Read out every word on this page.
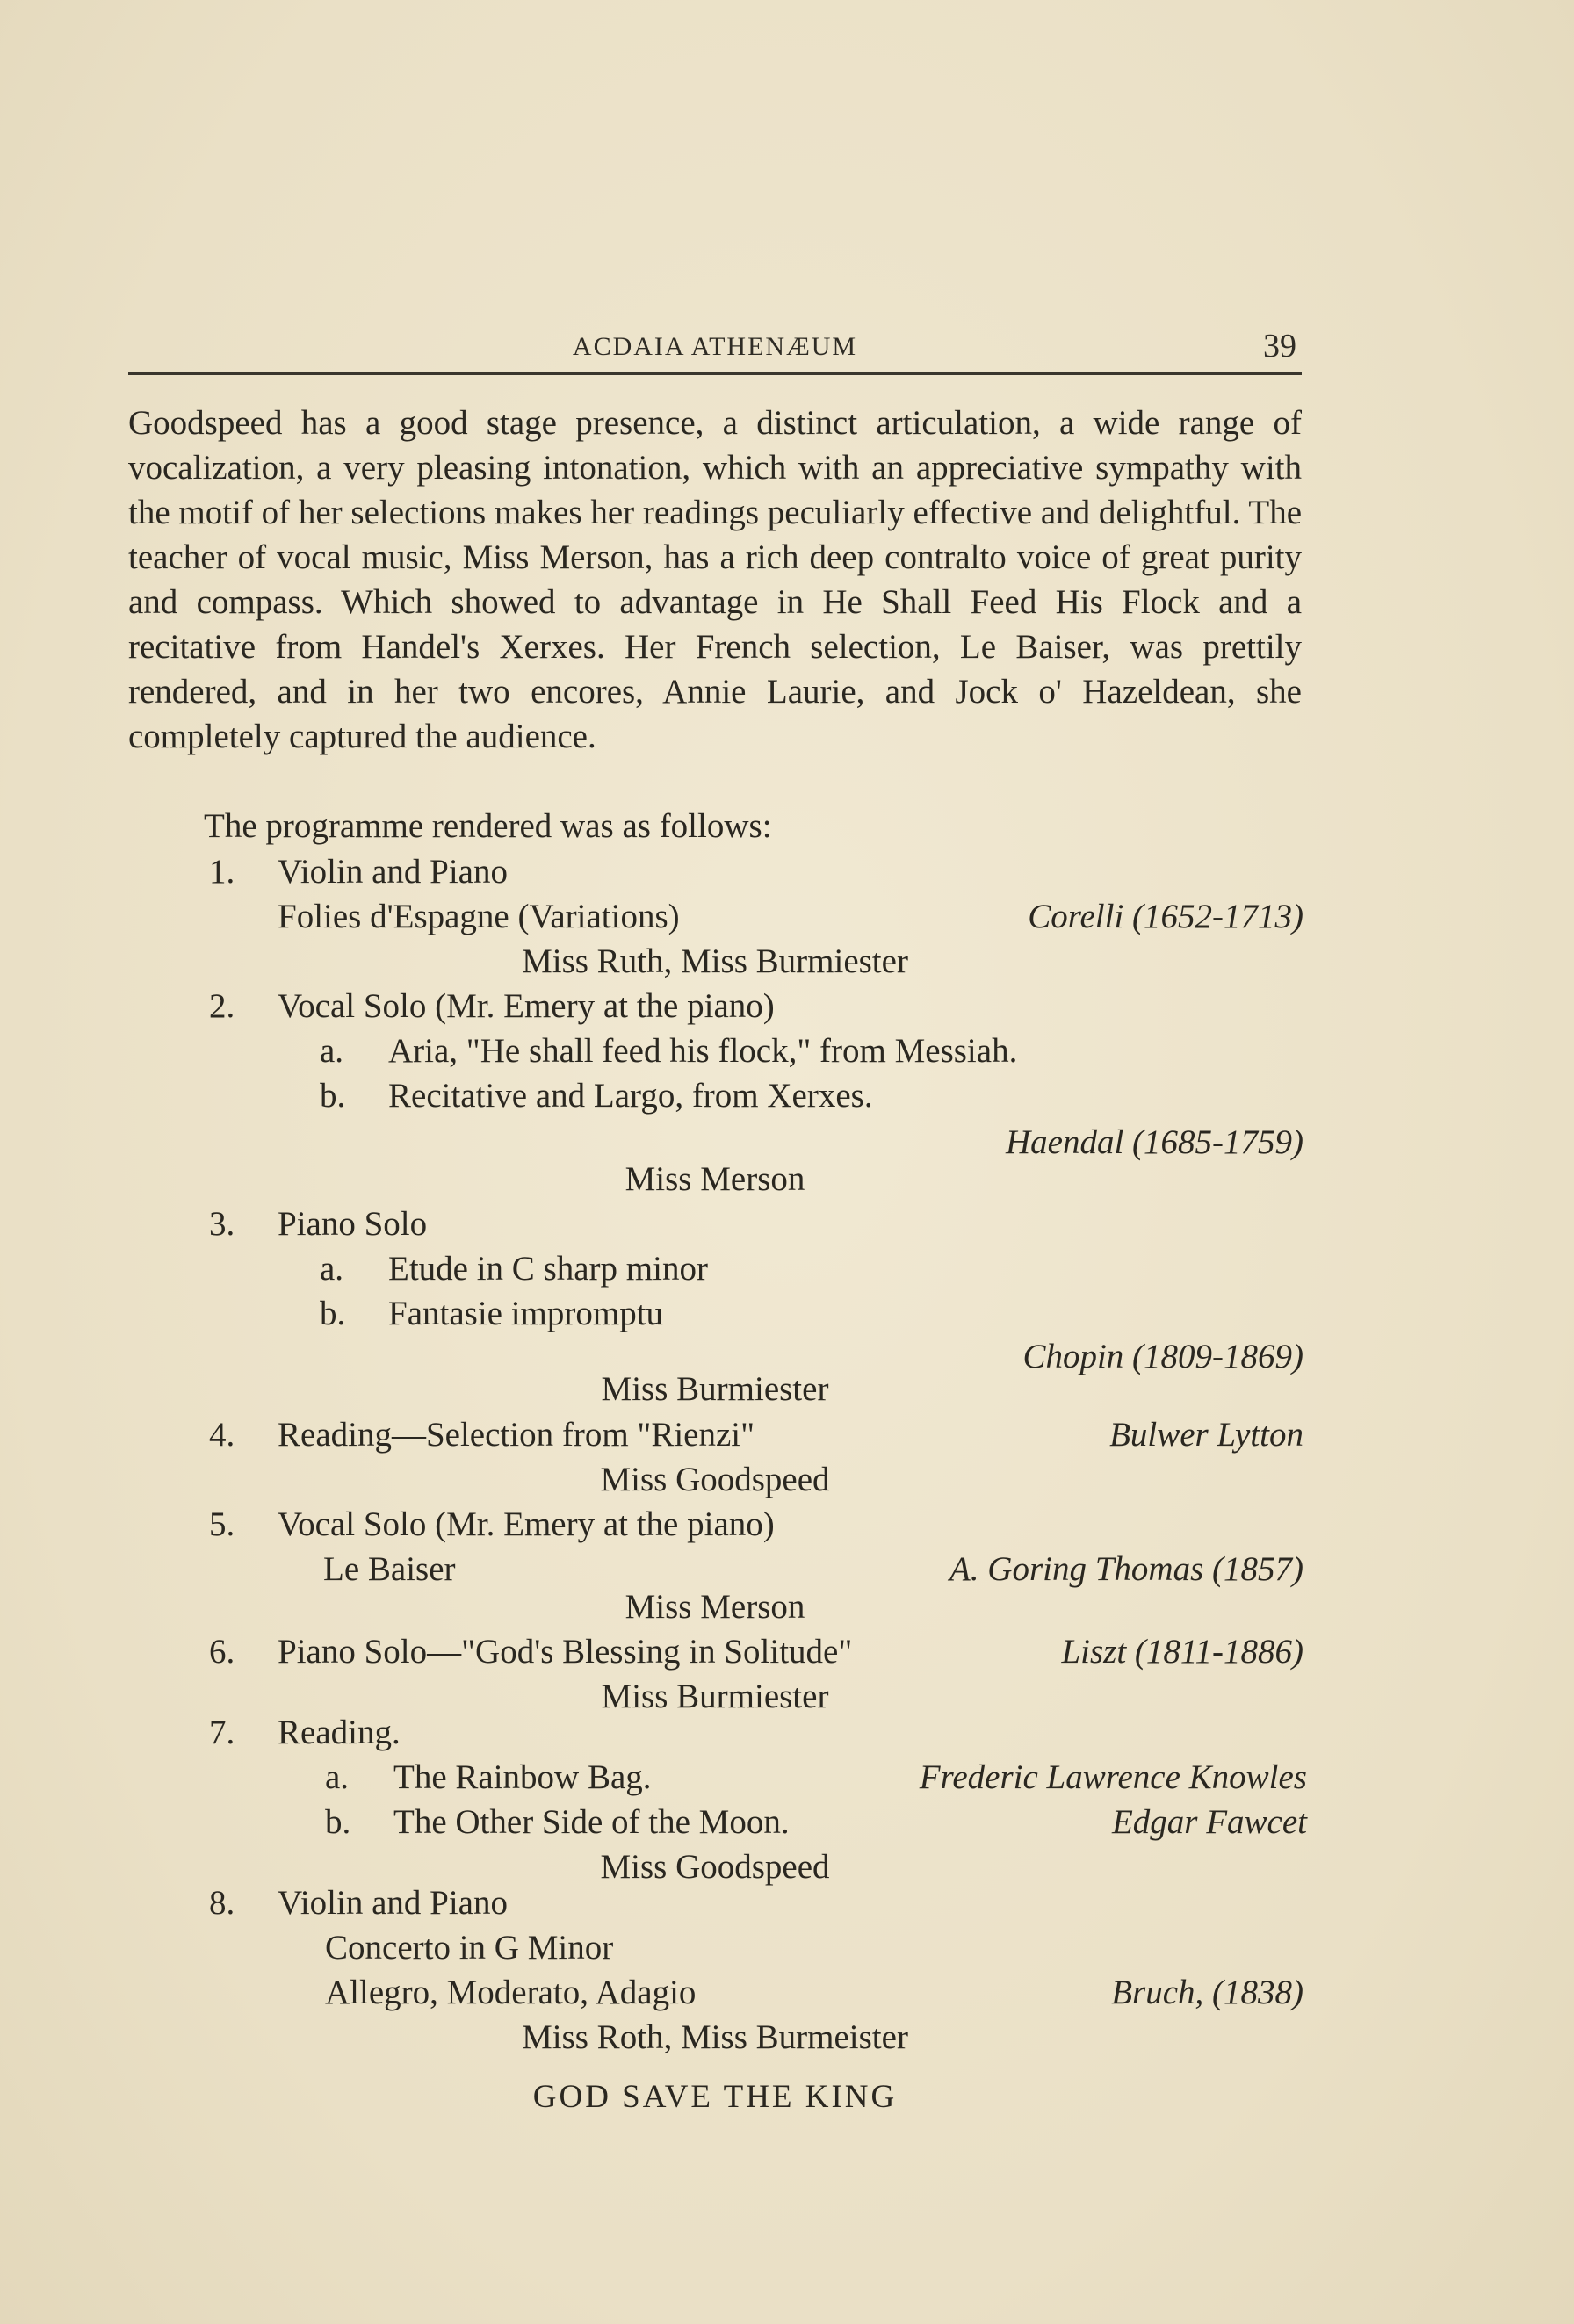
ACDAIA ATHENÆUM	39

Goodspeed has a good stage presence, a distinct articulation, a wide range of vocalization, a very pleasing intonation, which with an appreciative sympathy with the motif of her selections makes her readings peculiarly effective and delightful. The teacher of vocal music, Miss Merson, has a rich deep contralto voice of great purity and compass. Which showed to advantage in He Shall Feed His Flock and a recitative from Handel's Xerxes. Her French selection, Le Baiser, was prettily rendered, and in her two encores, Annie Laurie, and Jock o' Hazeldean, she completely captured the audience.

The programme rendered was as follows:
1. Violin and Piano
Folies d'Espagne (Variations)	Corelli (1652-1713)
Miss Ruth, Miss Burmiester
2. Vocal Solo (Mr. Emery at the piano)
a. Aria, "He shall feed his flock," from Messiah.
b. Recitative and Largo, from Xerxes.
Haendal (1685-1759)
Miss Merson
3. Piano Solo
a. Etude in C sharp minor
b. Fantasie impromptu
Chopin (1809-1869)
Miss Burmiester
4. Reading—Selection from "Rienzi"	Bulwer Lytton
Miss Goodspeed
5. Vocal Solo (Mr. Emery at the piano)
Le Baiser	A. Goring Thomas (1857)
Miss Merson
6. Piano Solo—"God's Blessing in Solitude"	Liszt (1811-1886)
Miss Burmiester
7. Reading.
a. The Rainbow Bag.	Frederic Lawrence Knowles
b. The Other Side of the Moon.	Edgar Fawcet
Miss Goodspeed
8. Violin and Piano
Concerto in G Minor
Allegro, Moderato, Adagio	Bruch, (1838)
Miss Roth, Miss Burmeister
GOD SAVE THE KING
